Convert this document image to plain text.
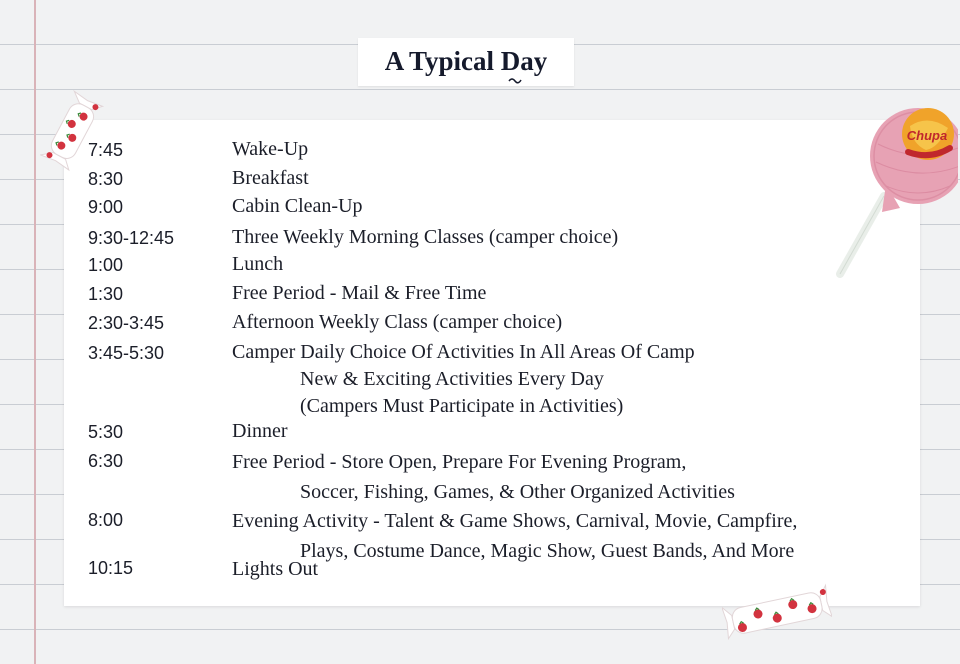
A Typical Day
7:45	Wake-Up
8:30	Breakfast
9:00	Cabin Clean-Up
9:30-12:45	Three Weekly Morning Classes (camper choice)
1:00	Lunch
1:30	Free Period - Mail & Free Time
2:30-3:45	Afternoon Weekly Class (camper choice)
3:45-5:30	Camper Daily Choice Of Activities In All Areas Of Camp
New & Exciting Activities Every Day
(Campers Must Participate in Activities)
5:30	Dinner
6:30	Free Period - Store Open, Prepare For Evening Program,
Soccer, Fishing, Games, & Other Organized Activities
8:00	Evening Activity - Talent & Game Shows, Carnival, Movie, Campfire,
Plays, Costume Dance, Magic Show, Guest Bands, And More
10:15	Lights Out
Chupa
